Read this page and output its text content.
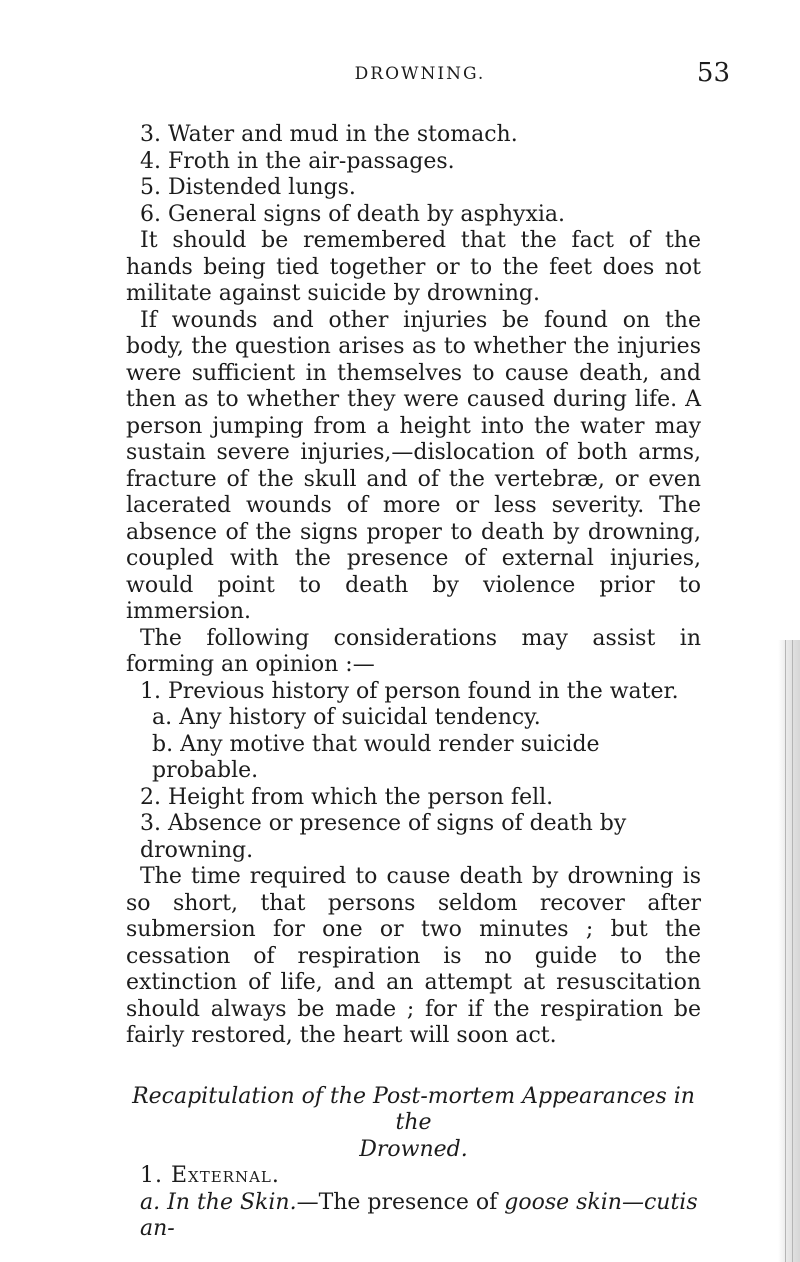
DROWNING.	53

3. Water and mud in the stomach.

4. Froth in the air-passages.

5. Distended lungs.

6. General signs of death by asphyxia.

It should be remembered that the fact of the hands being tied together or to the feet does not militate against suicide by drowning.

If wounds and other injuries be found on the body, the question arises as to whether the injuries were sufficient in themselves to cause death, and then as to whether they were caused during life. A person jumping from a height into the water may sustain severe injuries,—dislocation of both arms, fracture of the skull and of the vertebræ, or even lacerated wounds of more or less severity. The absence of the signs proper to death by drowning, coupled with the presence of external injuries, would point to death by violence prior to immersion.

The following considerations may assist in forming an opinion :—

1. Previous history of person found in the water.

a. Any history of suicidal tendency.

b. Any motive that would render suicide probable.

2. Height from which the person fell.

3. Absence or presence of signs of death by drowning.

The time required to cause death by drowning is so short, that persons seldom recover after submersion for one or two minutes ; but the cessation of respiration is no guide to the extinction of life, and an attempt at resuscitation should always be made ; for if the respiration be fairly restored, the heart will soon act.

Recapitulation of the Post-mortem Appearances in the

Drowned.

1. External.

a. In the Skin.—The presence of goose skin—cutis an-
